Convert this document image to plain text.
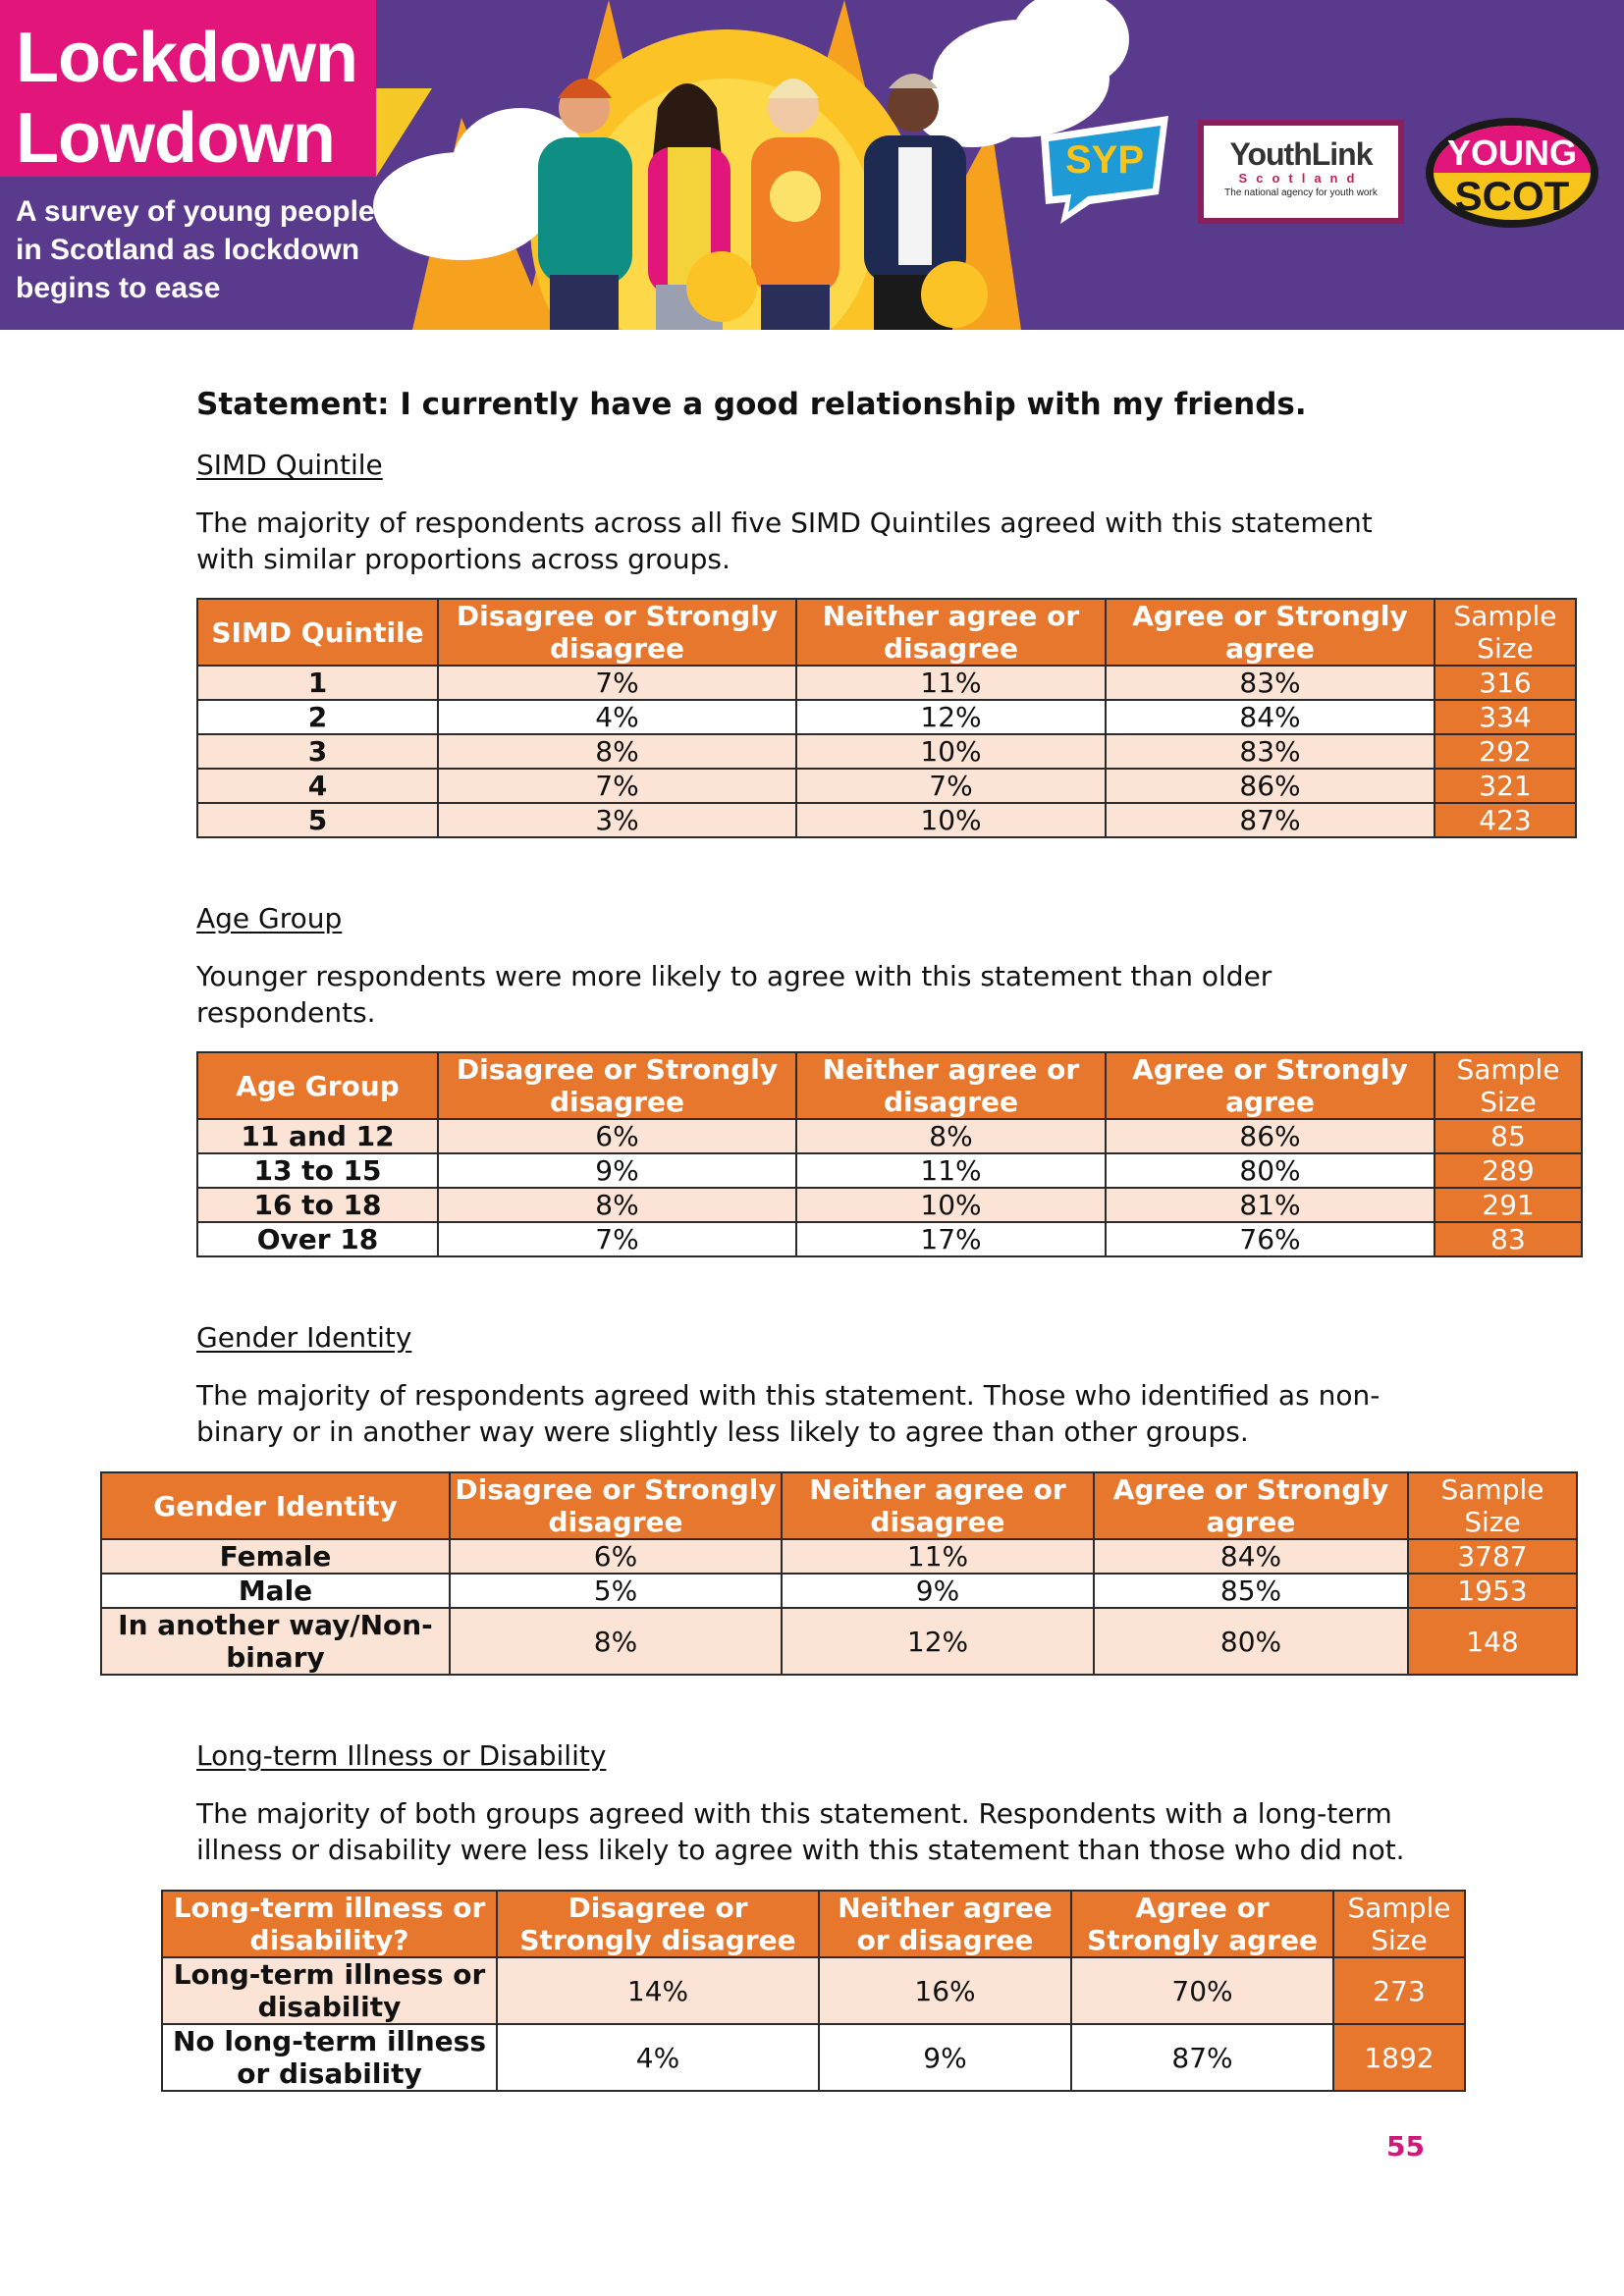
Lockdown
Lowdown
A survey of young people in Scotland as lockdown begins to ease
SYP	YouthLink
Scotland
The national agency for youth work
YOUNG
SCOT
Statement: I currently have a good relationship with my friends.
SIMD Quintile
The majority of respondents across all five SIMD Quintiles agreed with this statement with similar proportions across groups.
SIMD Quintile	Disagree or Strongly disagree	Neither agree or disagree	Agree or Strongly agree	Sample Size
1	7%	11%	83%	316
2	4%	12%	84%	334
3	8%	10%	83%	292
4	7%	7%	86%	321
5	3%	10%	87%	423
Age Group
Younger respondents were more likely to agree with this statement than older respondents.
Age Group	Disagree or Strongly disagree	Neither agree or disagree	Agree or Strongly agree	Sample Size
11 and 12	6%	8%	86%	85
13 to 15	9%	11%	80%	289
16 to 18	8%	10%	81%	291
Over 18	7%	17%	76%	83
Gender Identity
The majority of respondents agreed with this statement. Those who identified as non-binary or in another way were slightly less likely to agree than other groups.
Gender Identity	Disagree or Strongly disagree	Neither agree or disagree	Agree or Strongly agree	Sample Size
Female	6%	11%	84%	3787
Male	5%	9%	85%	1953
In another way/Non-binary	8%	12%	80%	148
Long-term Illness or Disability
The majority of both groups agreed with this statement. Respondents with a long-term illness or disability were less likely to agree with this statement than those who did not.
Long-term illness or disability?	Disagree or Strongly disagree	Neither agree or disagree	Agree or Strongly agree	Sample Size
Long-term illness or disability	14%	16%	70%	273
No long-term illness or disability	4%	9%	87%	1892
55
